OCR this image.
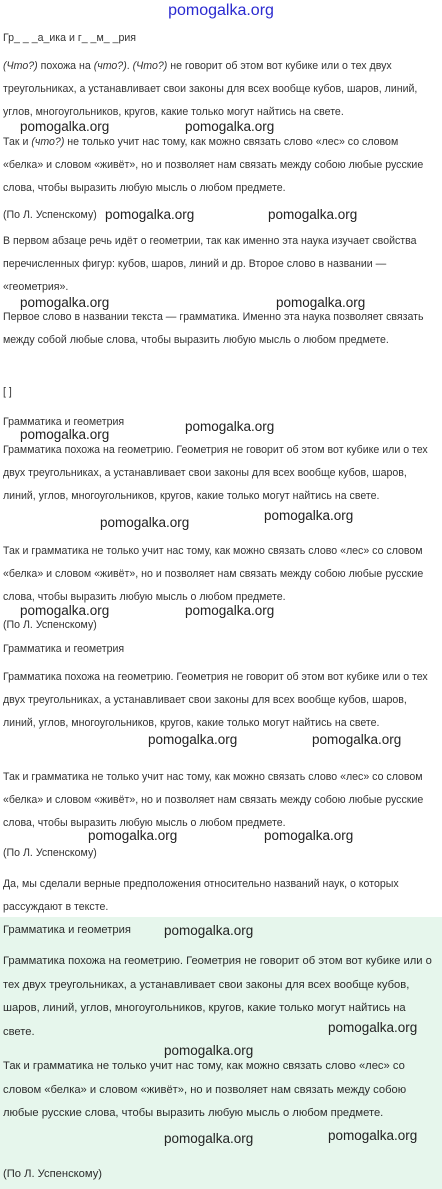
pomogalka.org

Гр_ _ _а_ика и г_ _м_ _рия

(Что?) похожа на (что?). (Что?) не говорит об этом вот кубике или о тех двух треугольниках, а устанавливает свои законы для всех вообще кубов, шаров, линий, углов, многоугольников, кругов, какие только могут найтись на свете.

Так и (что?) не только учит нас тому, как можно связать слово «лес» со словом «белка» и словом «живёт», но и позволяет нам связать между собою любые русские слова, чтобы выразить любую мысль о любом предмете.

(По Л. Успенскому)

В первом абзаце речь идёт о геометрии, так как именно эта наука изучает свойства перечисленных фигур: кубов, шаров, линий и др. Второе слово в названии — «геометрия».

Первое слово в названии текста — грамматика. Именно эта наука позволяет связать между собой любые слова, чтобы выразить любую мысль о любом предмете.

[ ]

Грамматика и геометрия

Грамматика похожа на геометрию. Геометрия не говорит об этом вот кубике или о тех двух треугольниках, а устанавливает свои законы для всех вообще кубов, шаров, линий, углов, многоугольников, кругов, какие только могут найтись на свете.

Так и грамматика не только учит нас тому, как можно связать слово «лес» со словом «белка» и словом «живёт», но и позволяет нам связать между собою любые русские слова, чтобы выразить любую мысль о любом предмете.

(По Л. Успенскому)

Грамматика и геометрия

Грамматика похожа на геометрию. Геометрия не говорит об этом вот кубике или о тех двух треугольниках, а устанавливает свои законы для всех вообще кубов, шаров, линий, углов, многоугольников, кругов, какие только могут найтись на свете.

Так и грамматика не только учит нас тому, как можно связать слово «лес» со словом «белка» и словом «живёт», но и позволяет нам связать между собою любые русские слова, чтобы выразить любую мысль о любом предмете.

(По Л. Успенскому)

Да, мы сделали верные предположения относительно названий наук, о которых рассуждают в тексте.

Грамматика и геометрия

Грамматика похожа на геометрию. Геометрия не говорит об этом вот кубике или о тех двух треугольниках, а устанавливает свои законы для всех вообще кубов, шаров, линий, углов, многоугольников, кругов, какие только могут найтись на свете.

Так и грамматика не только учит нас тому, как можно связать слово «лес» со словом «белка» и словом «живёт», но и позволяет нам связать между собою любые русские слова, чтобы выразить любую мысль о любом предмете.

(По Л. Успенскому)

pomogalka.org	pomogalka.org
pomogalka.org	pomogalka.org
pomogalka.org	pomogalka.org
pomogalka.org
pomogalka.org
pomogalka.org
pomogalka.org
pomogalka.org	pomogalka.org
pomogalka.org	pomogalka.org
pomogalka.org	pomogalka.org
pomogalka.org
pomogalka.org
pomogalka.org
pomogalka.org	pomogalka.org
